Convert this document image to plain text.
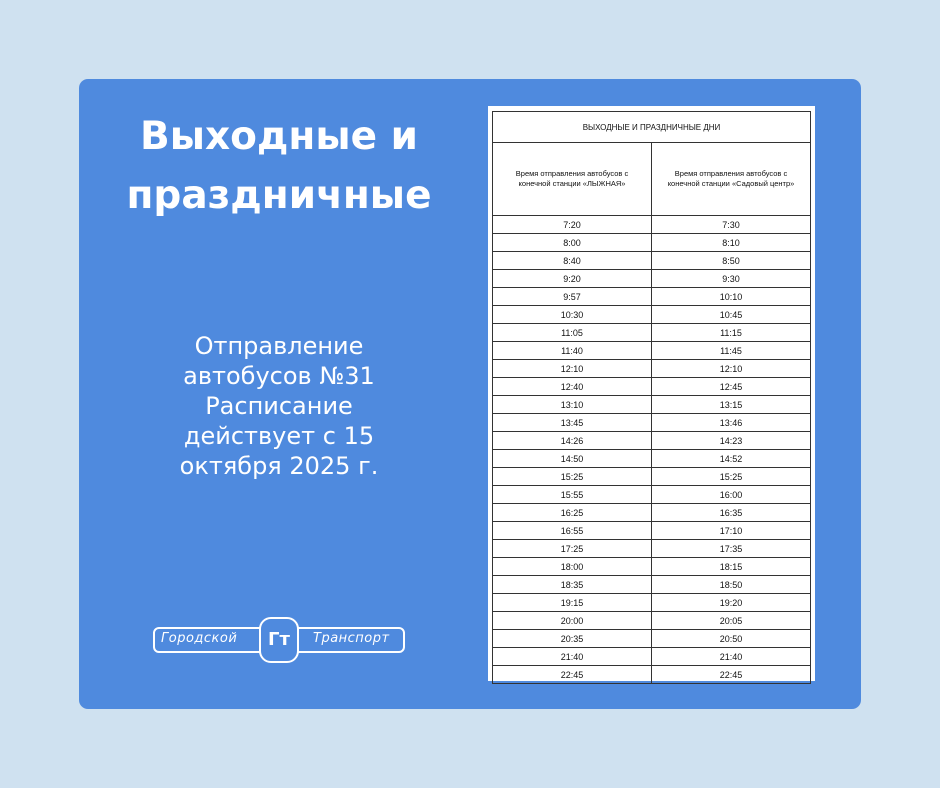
Выходные и
праздничные
Отправление
автобусов №31
Расписание
действует с 15
октября 2025 г.
Городской	Гт	Транспорт
ВЫХОДНЫЕ И ПРАЗДНИЧНЫЕ ДНИ	
Время отправления автобусов с конечной станции «ЛЫЖНАЯ»	Время отправления автобусов с конечной станции «Садовый центр»
7:20	7:30
8:00	8:10
8:40	8:50
9:20	9:30
9:57	10:10
10:30	10:45
11:05	11:15
11:40	11:45
12:10	12:10
12:40	12:45
13:10	13:15
13:45	13:46
14:26	14:23
14:50	14:52
15:25	15:25
15:55	16:00
16:25	16:35
16:55	17:10
17:25	17:35
18:00	18:15
18:35	18:50
19:15	19:20
20:00	20:05
20:35	20:50
21:40	21:40
22:45	22:45
